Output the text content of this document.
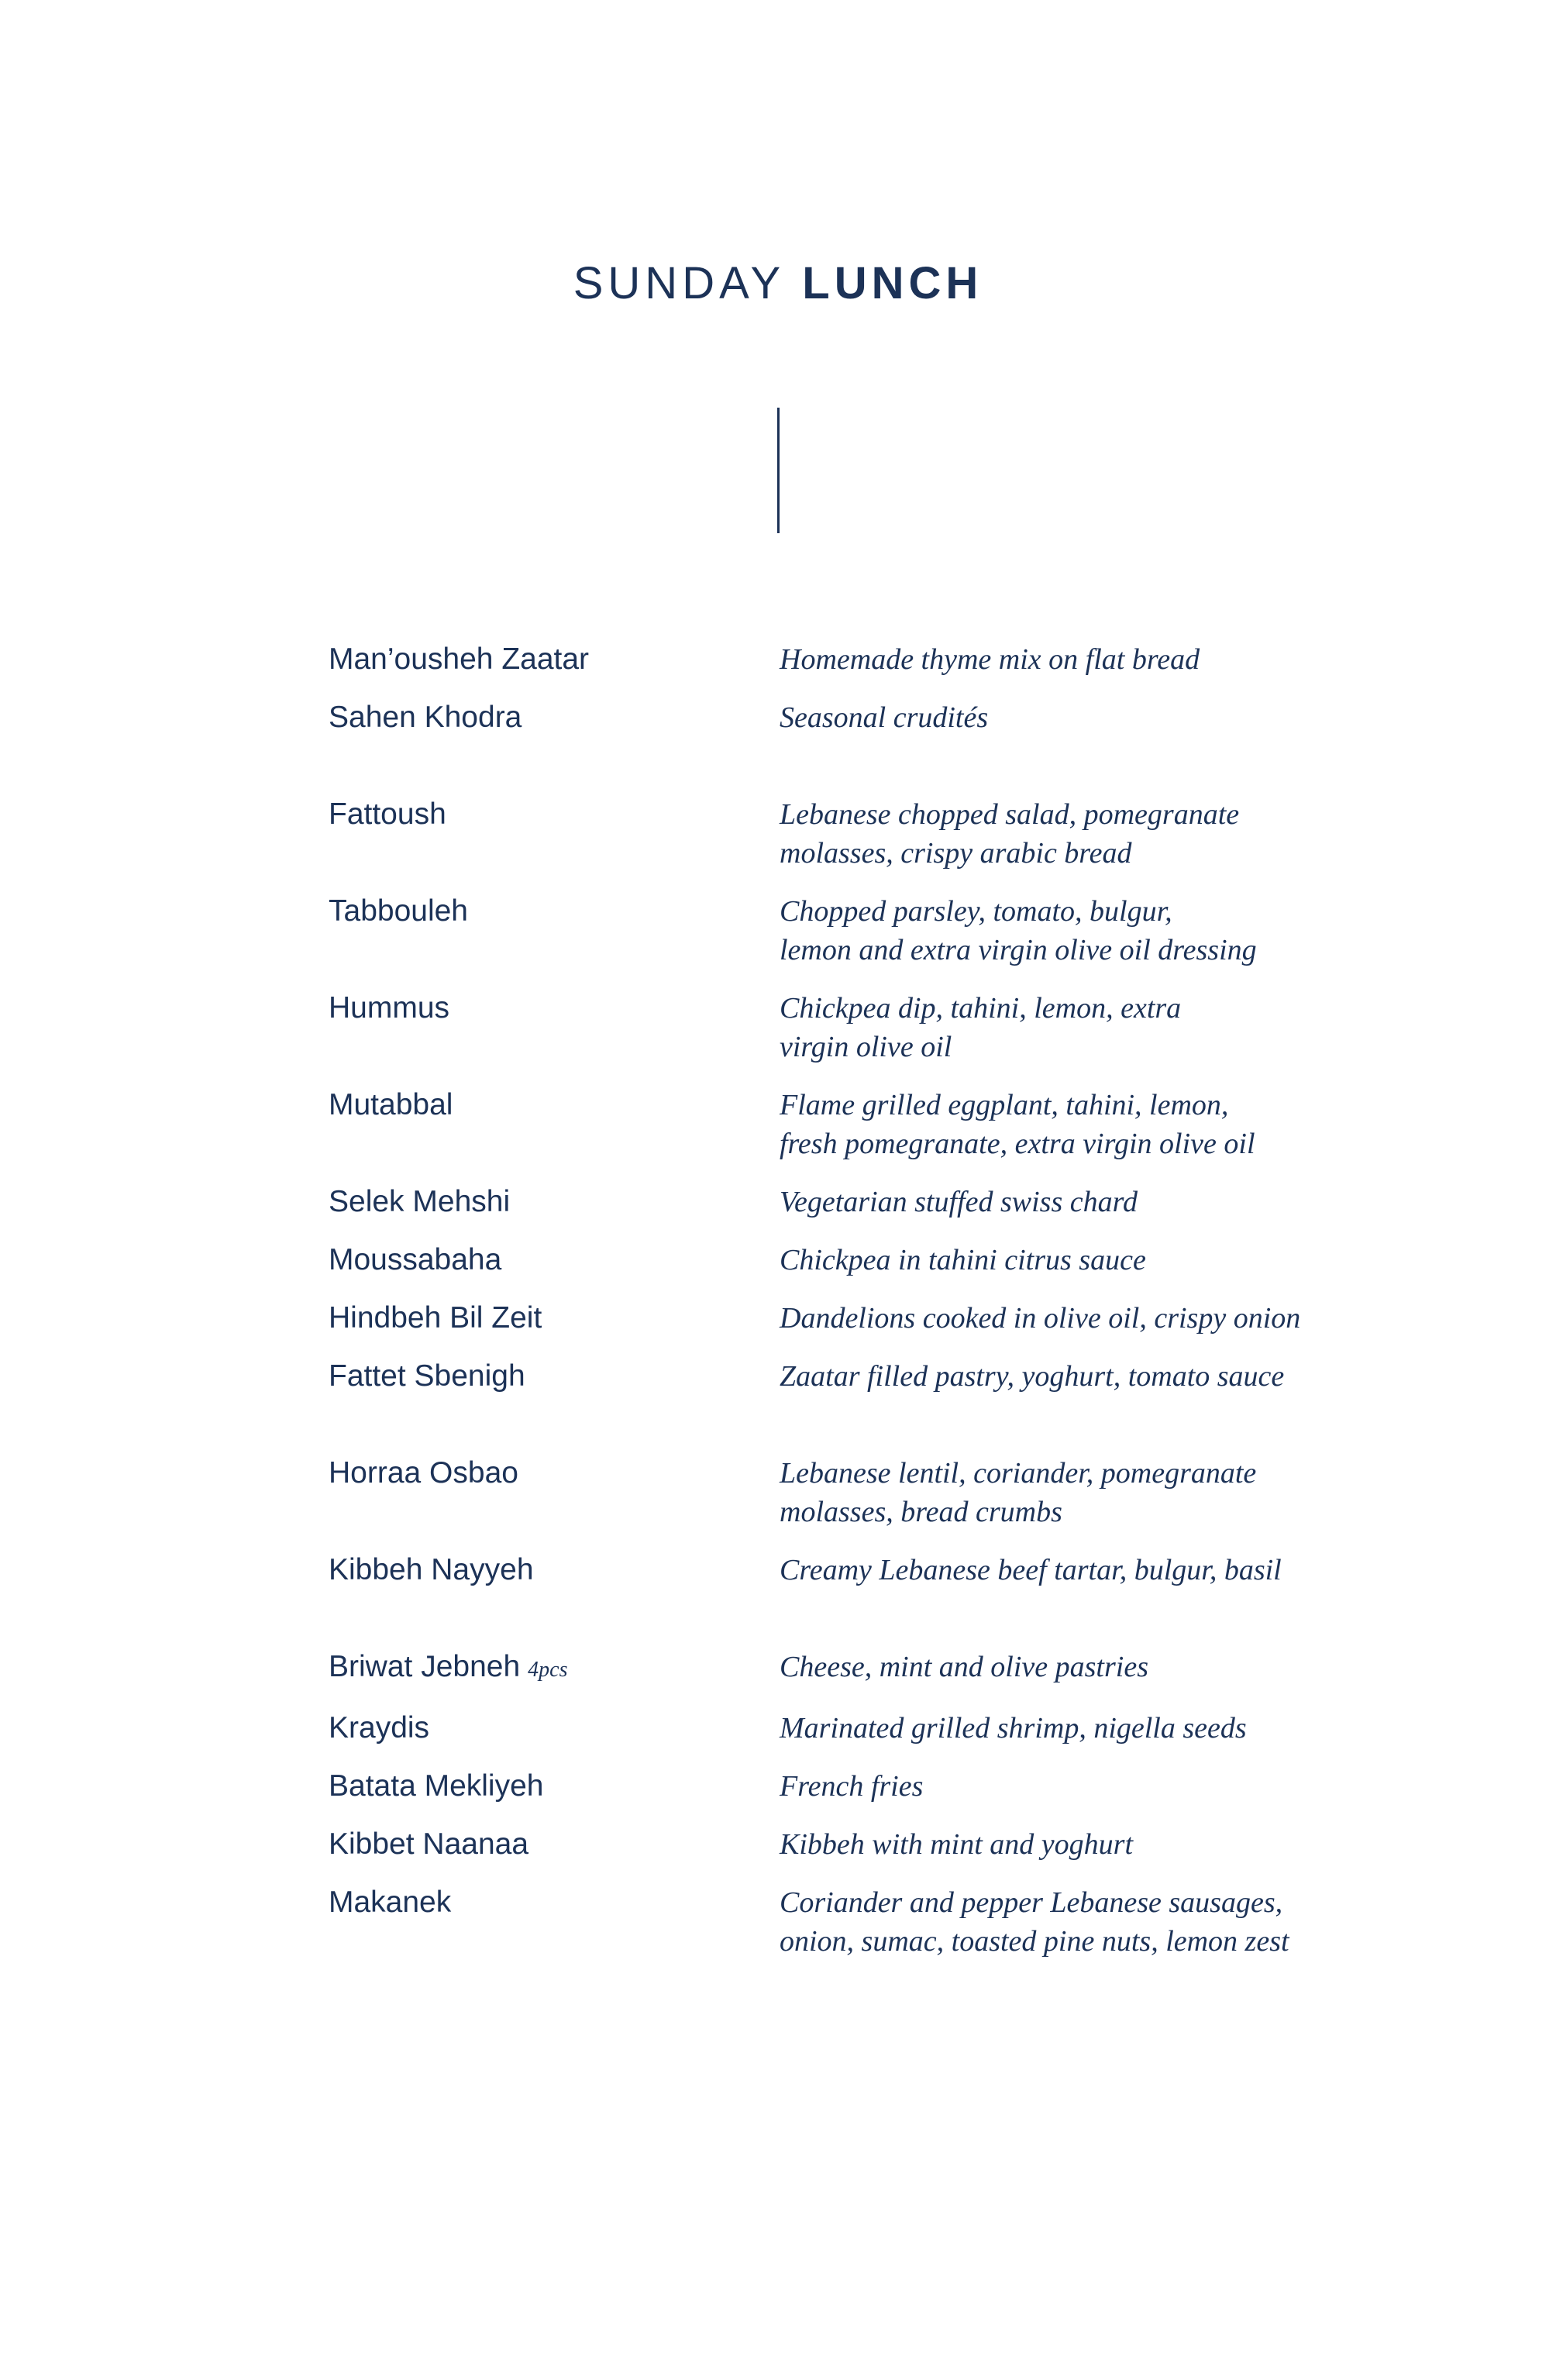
SUNDAY LUNCH
Man’ousheh Zaatar	Homemade thyme mix on flat bread
Sahen Khodra	Seasonal crudités
Fattoush	Lebanese chopped salad, pomegranate
molasses, crispy arabic bread
Tabbouleh	Chopped parsley, tomato, bulgur,
lemon and extra virgin olive oil dressing
Hummus	Chickpea dip, tahini, lemon, extra
virgin olive oil
Mutabbal	Flame grilled eggplant, tahini, lemon,
fresh pomegranate, extra virgin olive oil
Selek Mehshi	Vegetarian stuffed swiss chard
Moussabaha	Chickpea in tahini citrus sauce
Hindbeh Bil Zeit	Dandelions cooked in olive oil, crispy onion
Fattet Sbenigh	Zaatar filled pastry, yoghurt, tomato sauce
Horraa Osbao	Lebanese lentil, coriander, pomegranate
molasses, bread crumbs
Kibbeh Nayyeh	Creamy Lebanese beef tartar, bulgur, basil
Briwat Jebneh 4pcs	Cheese, mint and olive pastries
Kraydis	Marinated grilled shrimp, nigella seeds
Batata Mekliyeh	French fries
Kibbet Naanaa	Kibbeh with mint and yoghurt
Makanek	Coriander and pepper Lebanese sausages,
onion, sumac, toasted pine nuts, lemon zest
